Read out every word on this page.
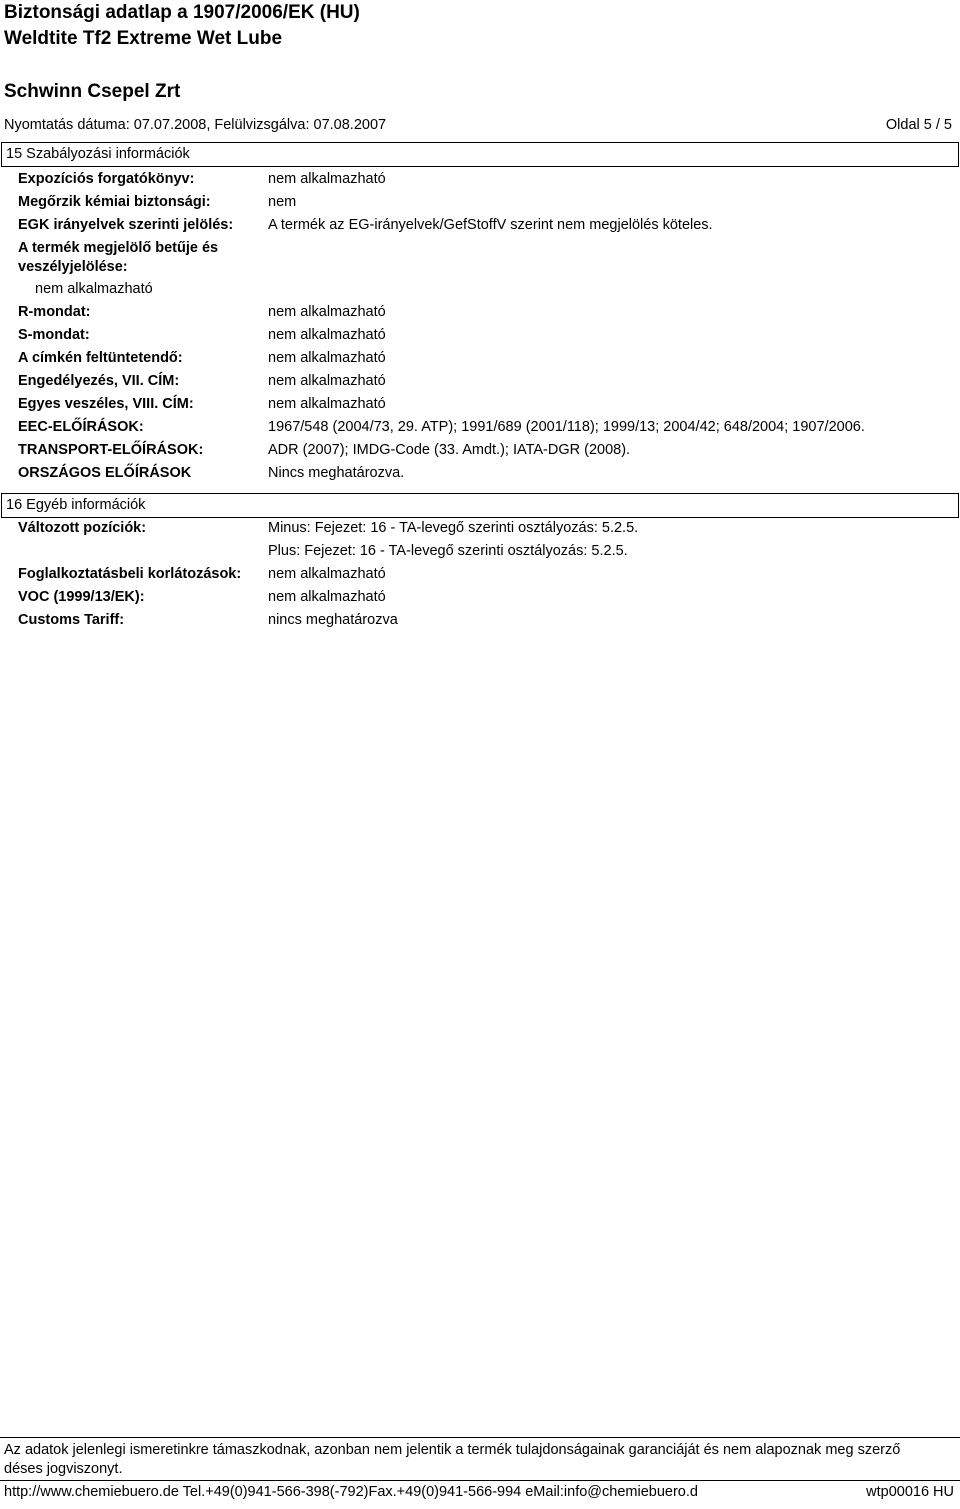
Biztonsági adatlap a 1907/2006/EK (HU)
Weldtite Tf2 Extreme Wet Lube
Schwinn Csepel Zrt
Nyomtatás dátuma: 07.07.2008, Felülvizsgálva: 07.08.2007	Oldal 5 / 5
15 Szabályozási információk
Expozíciós forgatókönyv:	nem alkalmazható
Megőrzik kémiai biztonsági:	nem
EGK irányelvek szerinti jelölés: A termék az EG-irányelvek/GefStoffV szerint nem megjelölés köteles.
A termék megjelölő betűje és
veszélyjelölése:
nem alkalmazható
R-mondat:	nem alkalmazható
S-mondat:	nem alkalmazható
A címkén feltüntetendő:	nem alkalmazható
Engedélyezés, VII. CÍM:	nem alkalmazható
Egyes veszéles, VIII. CÍM:	nem alkalmazható
EEC-ELŐÍRÁSOK:	1967/548 (2004/73, 29. ATP); 1991/689 (2001/118); 1999/13; 2004/42; 648/2004; 1907/2006.
TRANSPORT-ELŐÍRÁSOK:	ADR (2007); IMDG-Code (33. Amdt.); IATA-DGR (2008).
ORSZÁGOS ELŐÍRÁSOK	Nincs meghatározva.
16 Egyéb információk
Változott pozíciók:	Minus: Fejezet: 16 - TA-levegő szerinti osztályozás: 5.2.5.
Plus: Fejezet: 16 - TA-levegő szerinti osztályozás: 5.2.5.
Foglalkoztatásbeli korlátozások: nem alkalmazható
VOC (1999/13/EK):	nem alkalmazható
Customs Tariff:	nincs meghatározva
Az adatok jelenlegi ismeretinkre támaszkodnak, azonban nem jelentik a termék tulajdonságainak garanciáját és nem alapoznak meg szerző
déses jogviszonyt.
http://www.chemiebuero.de Tel.+49(0)941-566-398(-792)Fax.+49(0)941-566-994 eMail:info@chemiebuero.d	wtp00016 HU
